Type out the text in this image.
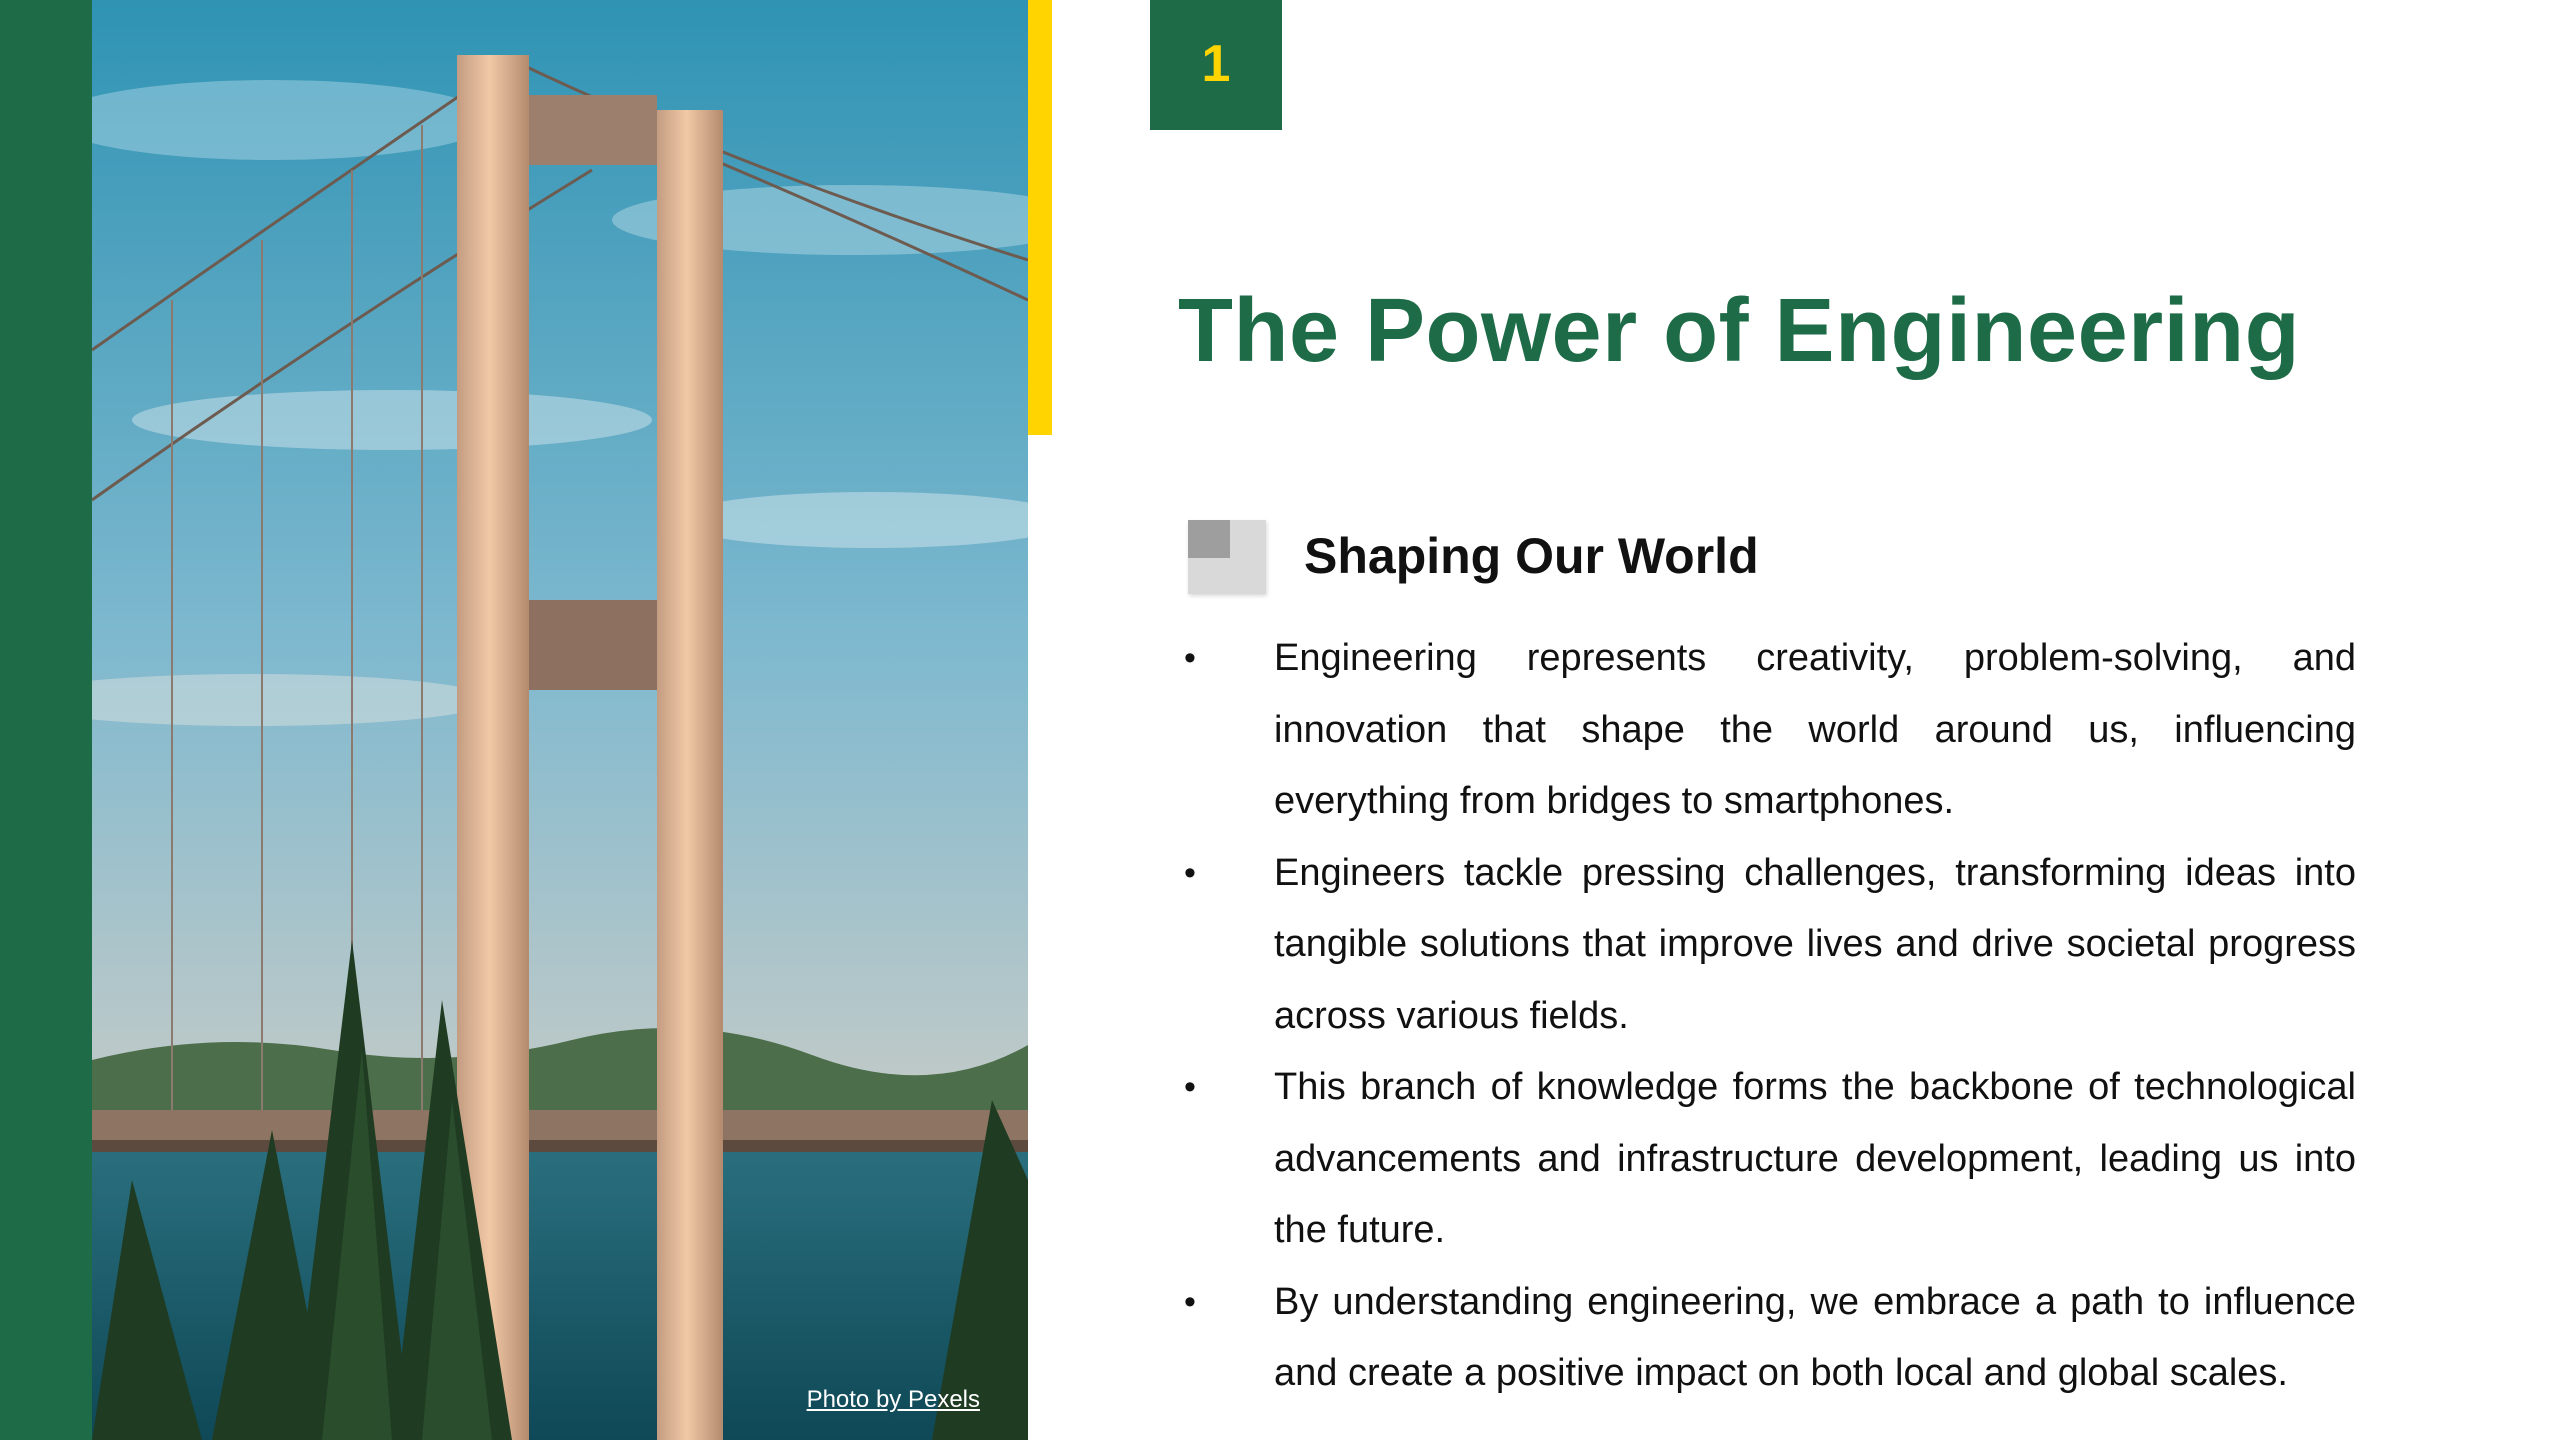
Photo by Pexels
1
The Power of Engineering
Shaping Our World
• Engineering represents creativity, problem-solving, and innovation that shape the world around us, influencing everything from bridges to smartphones.
• Engineers tackle pressing challenges, transforming ideas into tangible solutions that improve lives and drive societal progress across various fields.
• This branch of knowledge forms the backbone of technological advancements and infrastructure development, leading us into the future.
• By understanding engineering, we embrace a path to influence and create a positive impact on both local and global scales.
